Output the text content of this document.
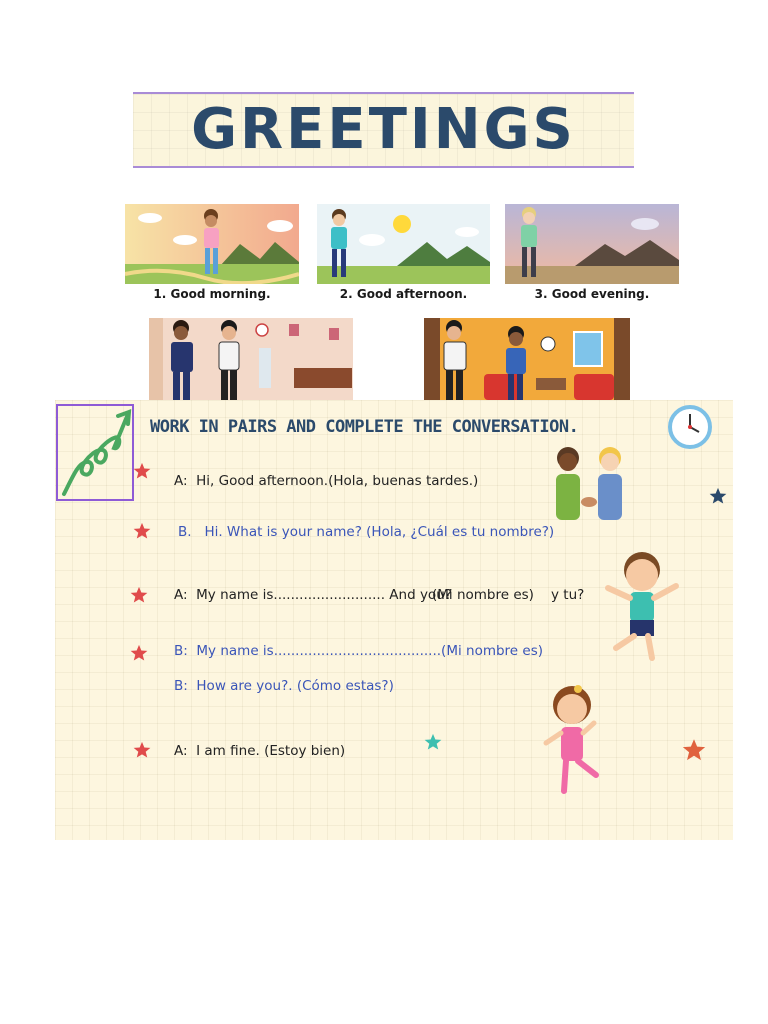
GREETINGS
1. Good morning.	2. Good afternoon.	3. Good evening.
WORK IN PAIRS AND COMPLETE THE CONVERSATION.
A: Hi, Good afternoon.(Hola, buenas tardes.)
B. Hi. What is your name? (Hola, ¿Cuál es tu nombre?)
A: My name is.......................... And you?
(Mi nombre es) y tu?
B: My name is.......................................(Mi nombre es)
B: How are you?. (Cómo estas?)
A: I am fine. (Estoy bien)
